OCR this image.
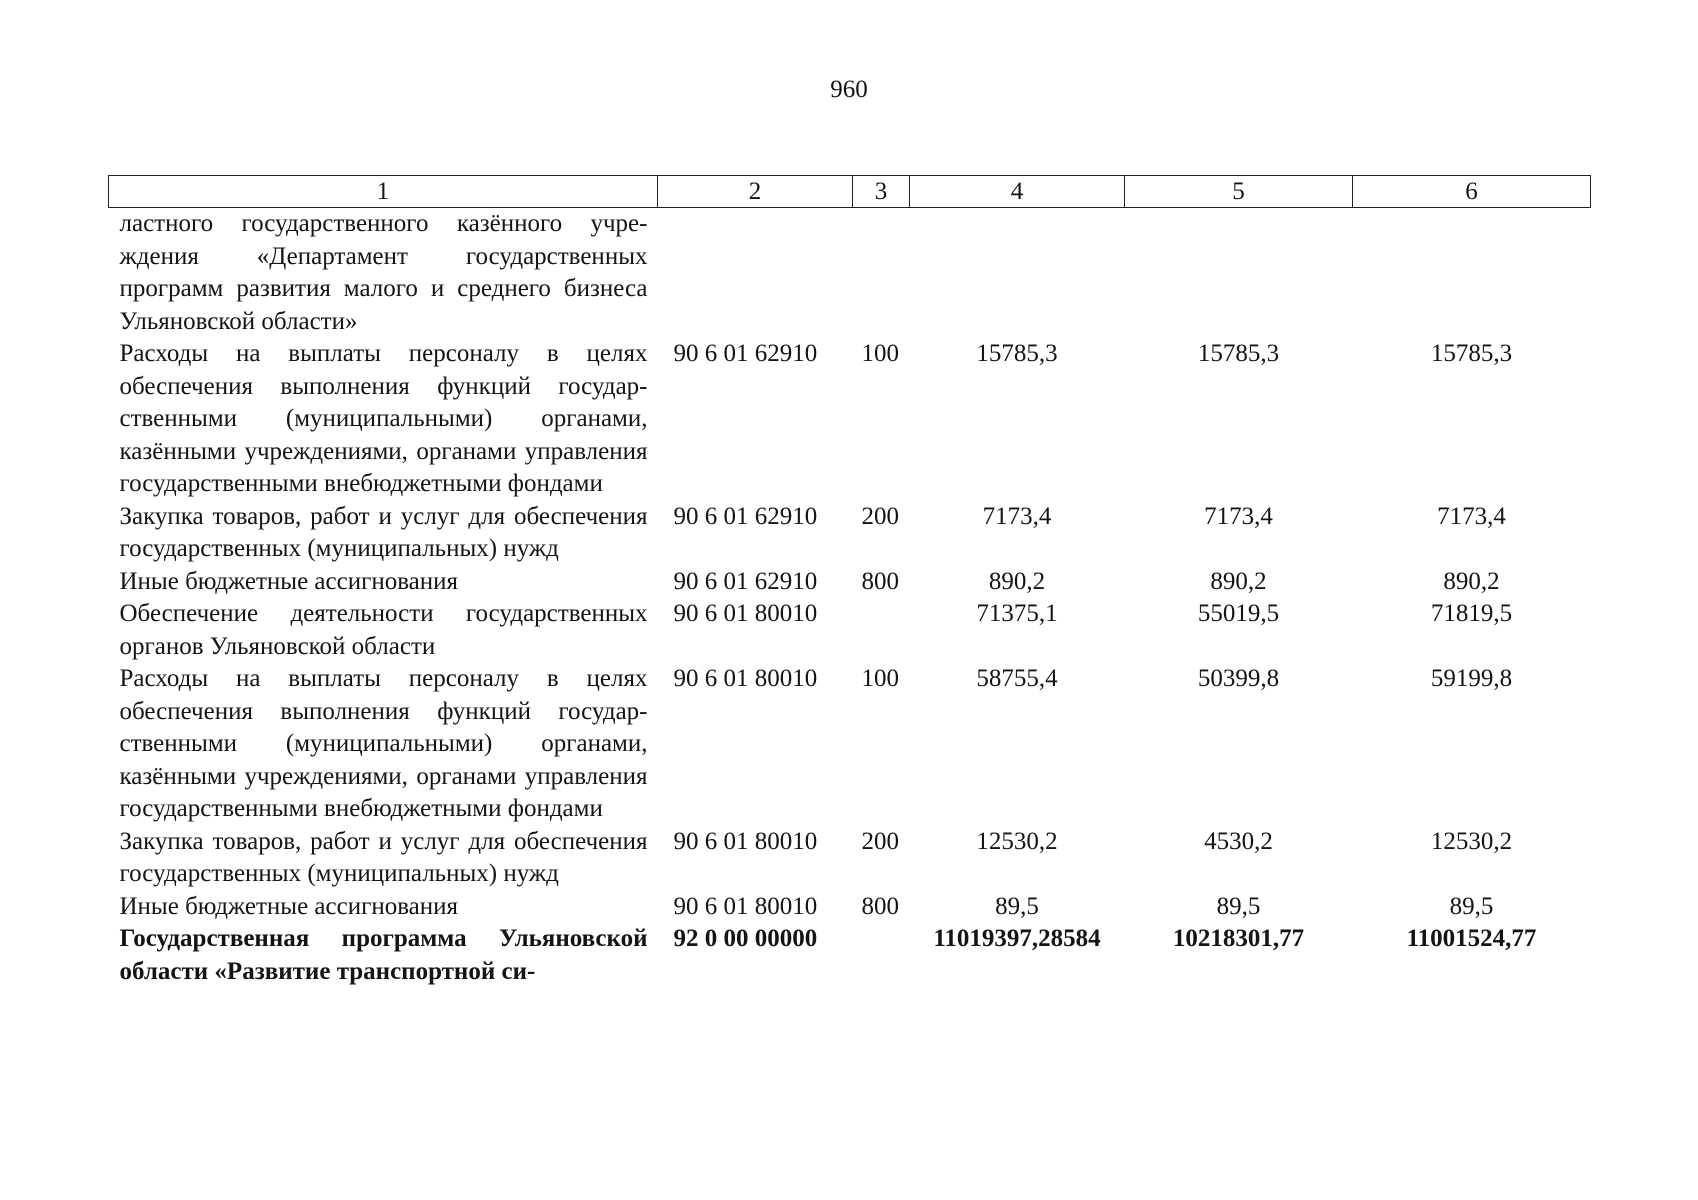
960
1	2	3	4	5	6
ластного государственного казённого учреждения «Департамент государственных программ развития малого и среднего бизнеса Ульяновской области»					
Расходы на выплаты персоналу в целях обеспечения выполнения функций государственными (муниципальными) органами, казёнными учреждениями, органами управления государственными внебюджетными фондами	90 6 01 62910	100	15785,3	15785,3	15785,3
Закупка товаров, работ и услуг для обеспечения государственных (муниципальных) нужд	90 6 01 62910	200	7173,4	7173,4	7173,4
Иные бюджетные ассигнования	90 6 01 62910	800	890,2	890,2	890,2
Обеспечение деятельности государственных органов Ульяновской области	90 6 01 80010		71375,1	55019,5	71819,5
Расходы на выплаты персоналу в целях обеспечения выполнения функций государственными (муниципальными) органами, казёнными учреждениями, органами управления государственными внебюджетными фондами	90 6 01 80010	100	58755,4	50399,8	59199,8
Закупка товаров, работ и услуг для обеспечения государственных (муниципальных) нужд	90 6 01 80010	200	12530,2	4530,2	12530,2
Иные бюджетные ассигнования	90 6 01 80010	800	89,5	89,5	89,5
Государственная программа Ульяновской области «Развитие транспортной си-	92 0 00 00000		11019397,28584	10218301,77	11001524,77
